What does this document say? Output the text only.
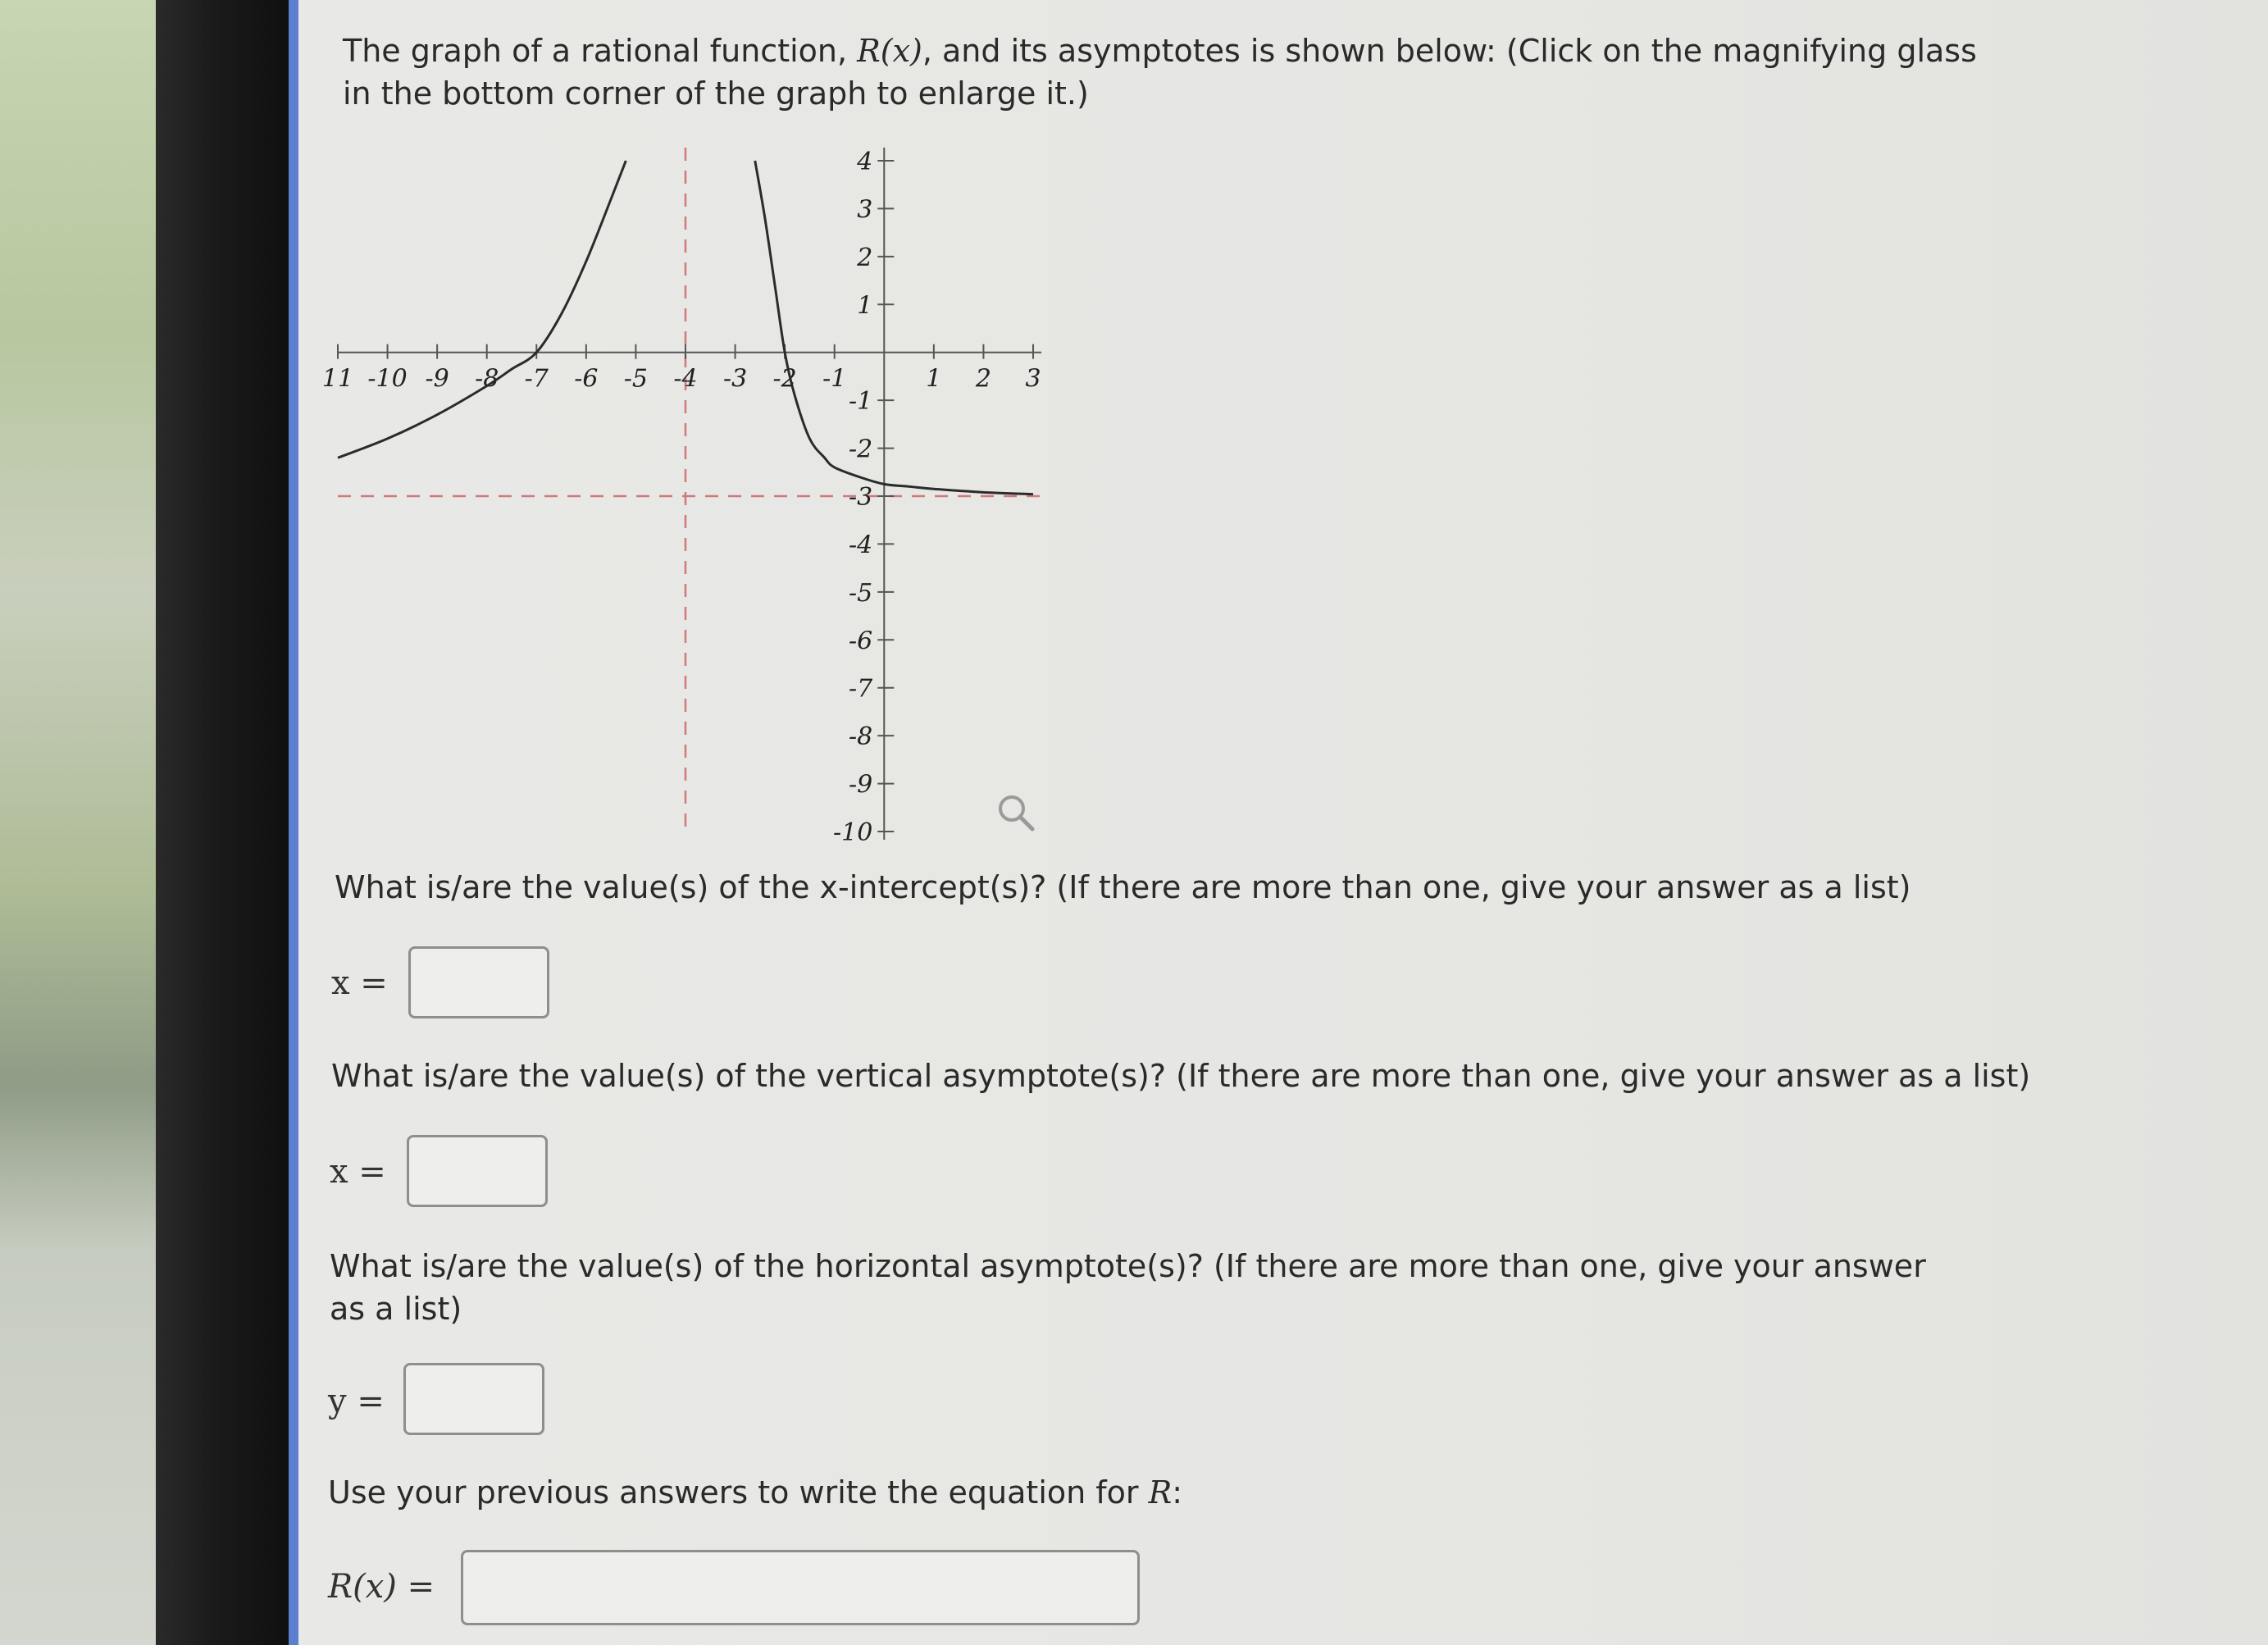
The graph of a rational function, R(x), and its asymptotes is shown below: (Click on the magnifying glass in the bottom corner of the graph to enlarge it.)
11 -10 -9 -8 -7 -6 -5 -4 -3 -2 -1	1 2 3
4
3
2
1
-1
-2
-3
-4
-5
-6
-7
-8
-9
-10
What is/are the value(s) of the x-intercept(s)? (If there are more than one, give your answer as a list)
x =
What is/are the value(s) of the vertical asymptote(s)? (If there are more than one, give your answer as a list)
x =
What is/are the value(s) of the horizontal asymptote(s)? (If there are more than one, give your answer as a list)
y =
Use your previous answers to write the equation for R:
R(x) =
